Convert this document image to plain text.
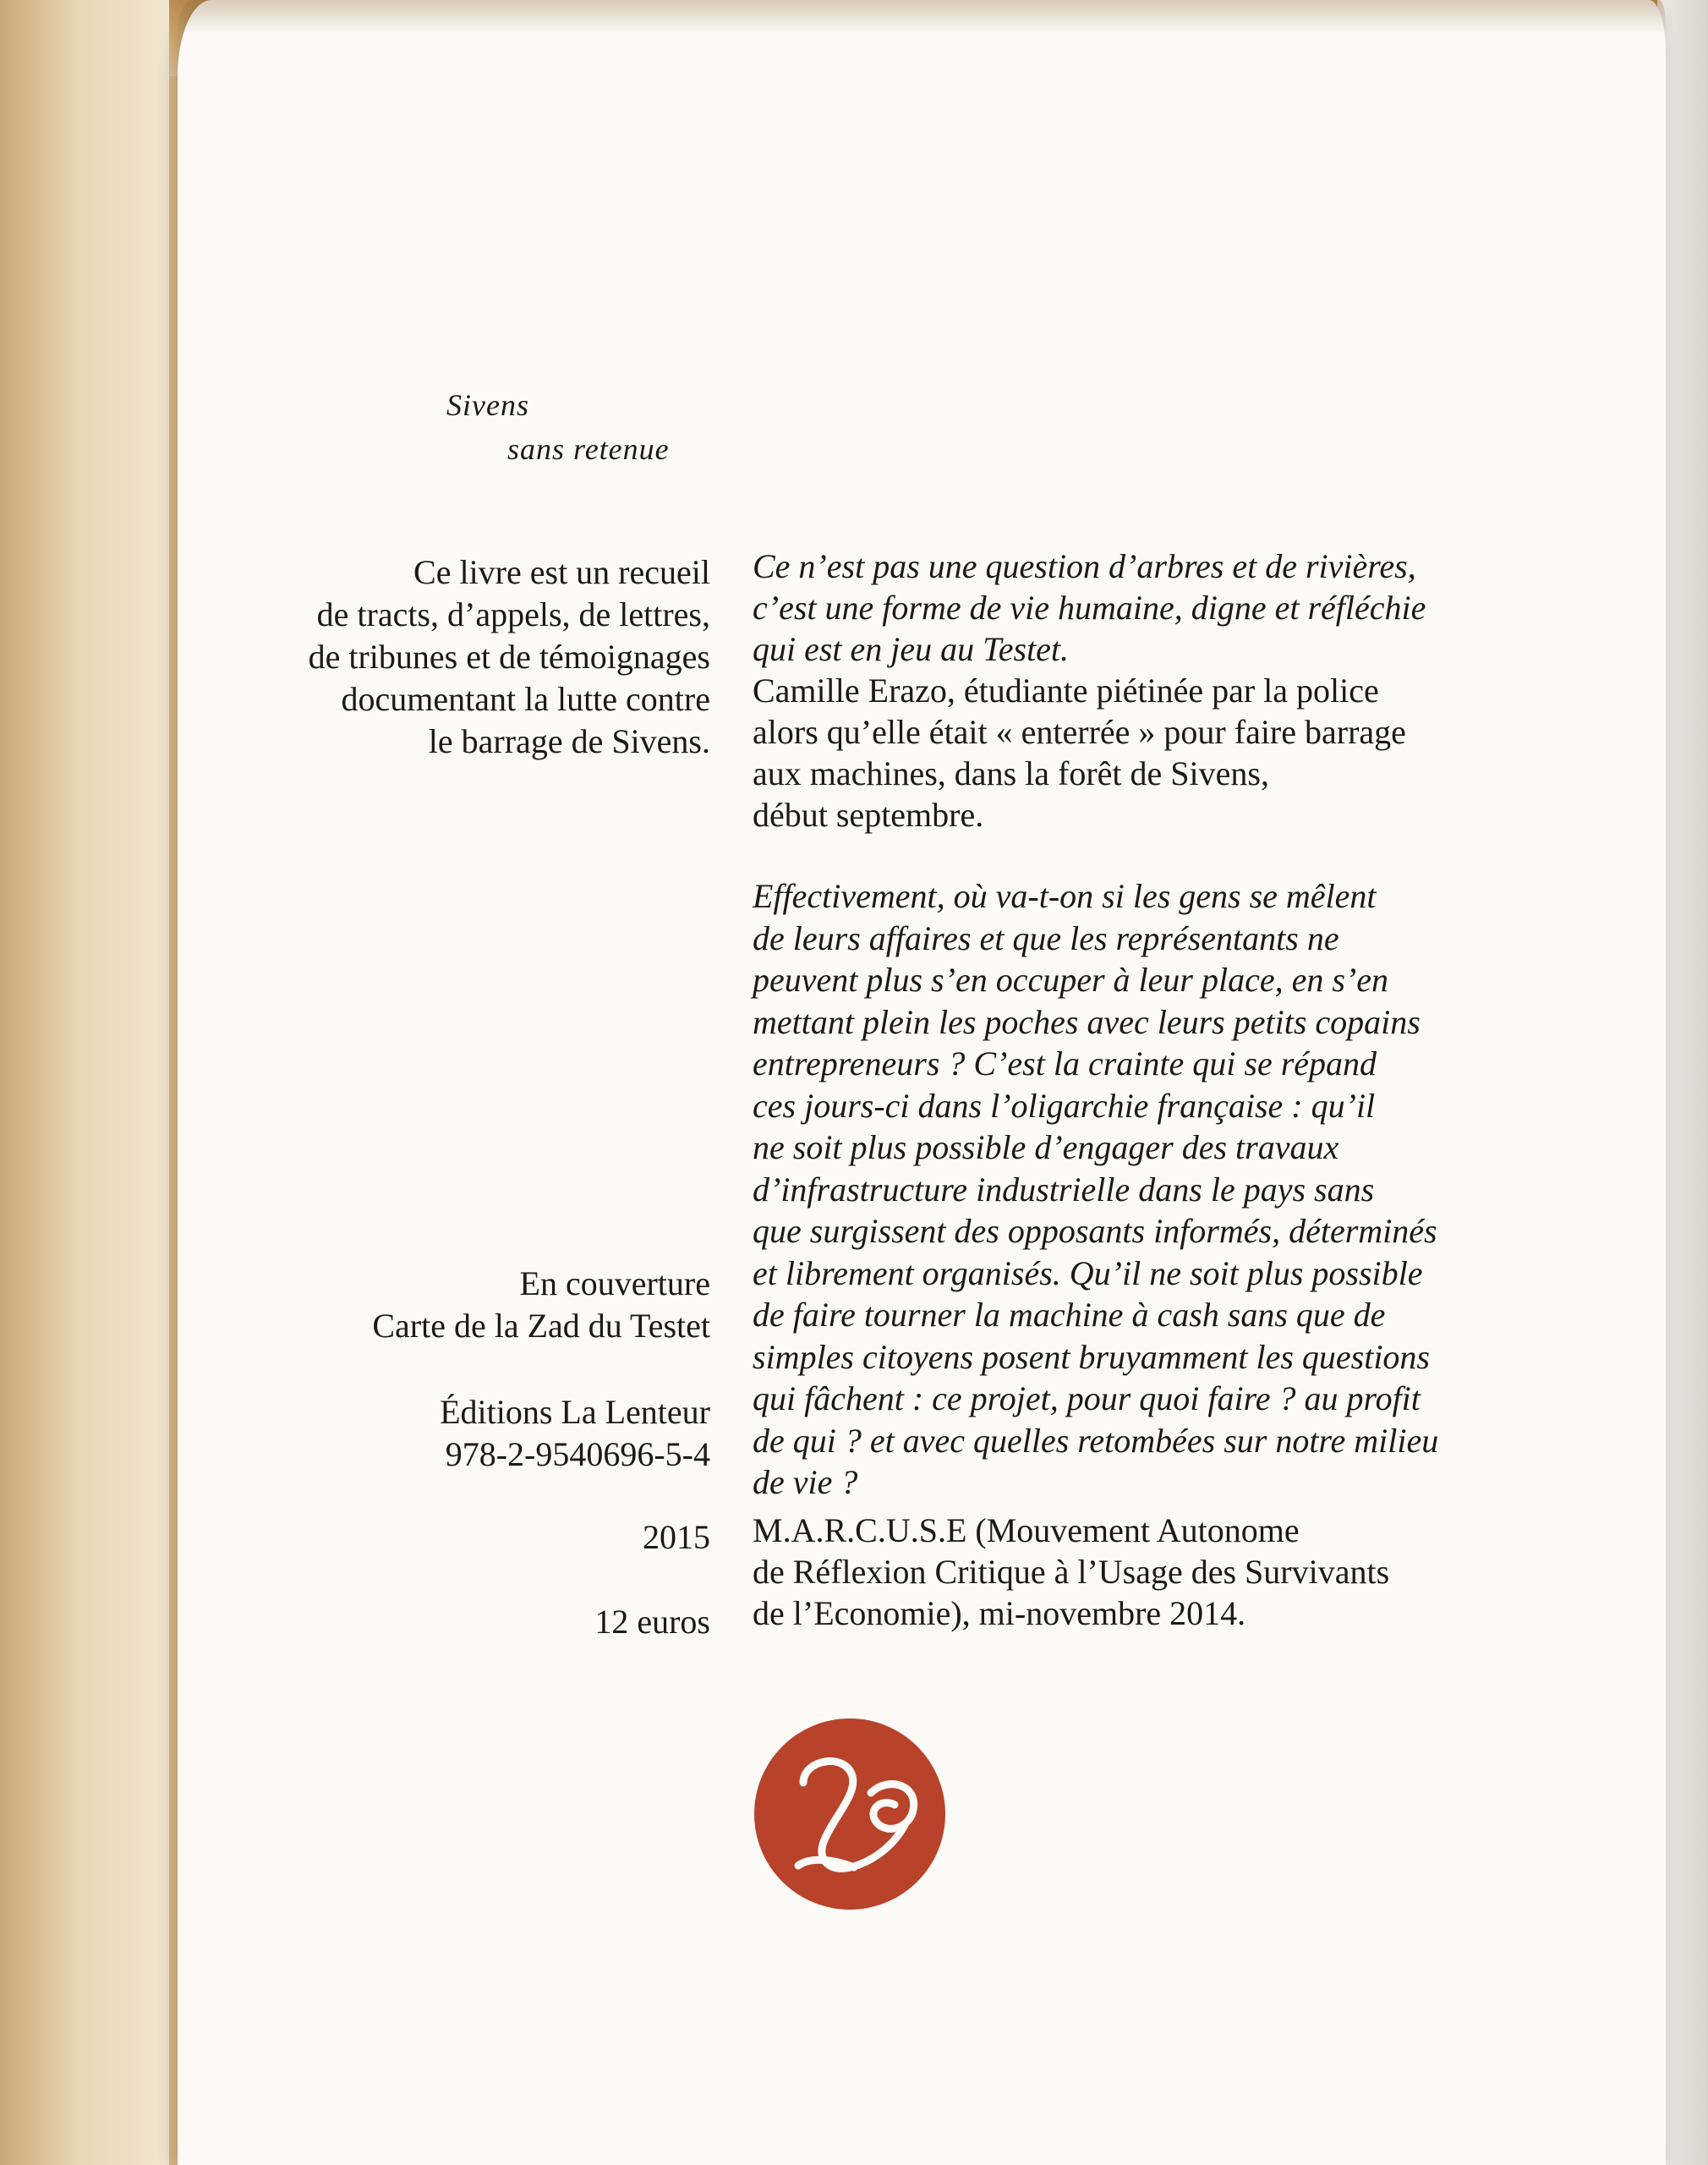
Sivens
sans retenue
Ce livre est un recueil
de tracts, d’appels, de lettres,
de tribunes et de témoignages
documentant la lutte contre
le barrage de Sivens.
Ce n’est pas une question d’arbres et de rivières,
c’est une forme de vie humaine, digne et réfléchie
qui est en jeu au Testet.
Camille Erazo, étudiante piétinée par la police
alors qu’elle était « enterrée » pour faire barrage
aux machines, dans la forêt de Sivens,
début septembre.
Effectivement, où va-t-on si les gens se mêlent
de leurs affaires et que les représentants ne
peuvent plus s’en occuper à leur place, en s’en
mettant plein les poches avec leurs petits copains
entrepreneurs ? C’est la crainte qui se répand
ces jours-ci dans l’oligarchie française : qu’il
ne soit plus possible d’engager des travaux
d’infrastructure industrielle dans le pays sans
que surgissent des opposants informés, déterminés
et librement organisés. Qu’il ne soit plus possible
de faire tourner la machine à cash sans que de
simples citoyens posent bruyamment les questions
qui fâchent : ce projet, pour quoi faire ? au profit
de qui ? et avec quelles retombées sur notre milieu
de vie ?
M.A.R.C.U.S.E (Mouvement Autonome
de Réflexion Critique à l’Usage des Survivants
de l’Economie), mi-novembre 2014.
En couverture
Carte de la Zad du Testet
Éditions La Lenteur
978-2-9540696-5-4
2015
12 euros
